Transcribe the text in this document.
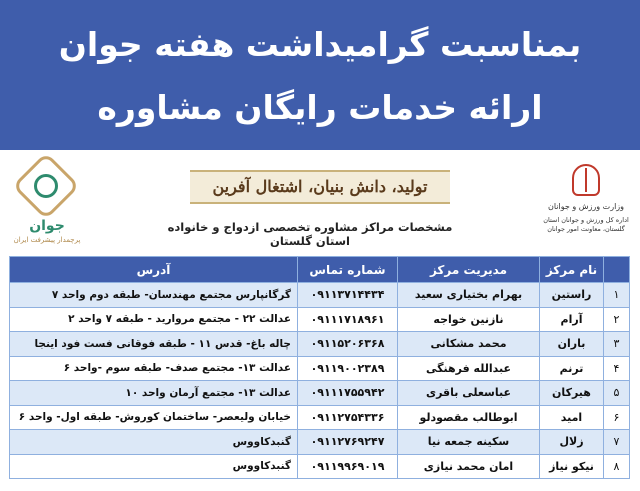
بمناسبت گرامیداشت هفته جوان
ارائه خدمات رایگان مشاوره
جوان
پرچمدار پیشرفت ایران
تولید، دانش بنیان، اشتغال آفرین
مشخصات مراکز مشاوره تخصصی ازدواج و خانواده استان گلستان
وزارت ورزش و جوانان
اداره کل ورزش و جوانان استان گلستان، معاونت امور جوانان
	نام مرکز	مدیریت مرکز	شماره تماس	آدرس
۱	راستین	بهرام بختیاری سعید	۰۹۱۱۳۷۱۴۴۳۴	گرگانپارس مجتمع مهندسان- طبقه دوم واحد ۷
۲	آرام	نازنین خواجه	۰۹۱۱۱۷۱۸۹۶۱	عدالت ۲۲ - مجتمع مروارید - طبقه ۷ واحد ۲
۳	باران	محمد مشکانی	۰۹۱۱۵۲۰۶۳۶۸	چاله باغ- قدس ۱۱ - طبقه فوقانی فست فود اینجا
۴	ترنم	عبدالله فرهنگی	۰۹۱۱۹۰۰۲۳۸۹	عدالت ۱۳- مجتمع صدف- طبقه سوم -واحد ۶
۵	هیرکان	عباسعلی باقری	۰۹۱۱۱۷۵۵۹۴۲	عدالت ۱۳- مجتمع آرمان واحد ۱۰
۶	امید	ابوطالب مقصودلو	۰۹۱۱۲۷۵۴۳۳۶	خیابان ولیعصر- ساختمان کوروش- طبقه اول- واحد ۶
۷	زلال	سکینه جمعه نیا	۰۹۱۱۲۷۶۹۲۴۷	گنبدکاووس
۸	نیکو نیاز	امان محمد نیازی	۰۹۱۱۹۹۶۹۰۱۹	گنبدکاووس
